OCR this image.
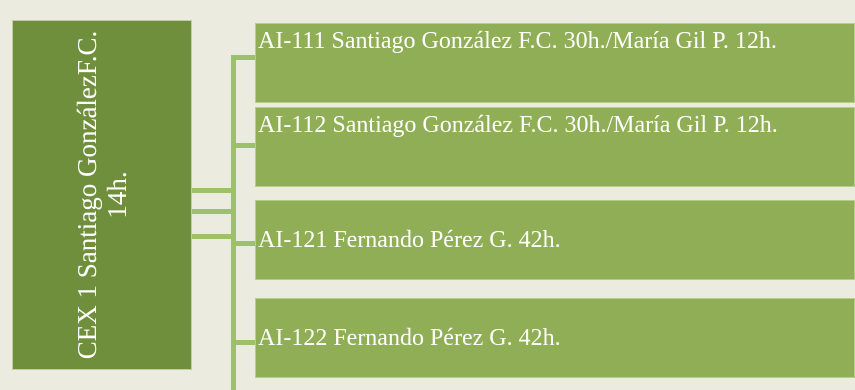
CEX 1 Santiago GonzálezF.C. 14h.
AI-111 Santiago González F.C. 30h./María Gil P. 12h.
AI-112 Santiago González F.C. 30h./María Gil P. 12h.
AI-121 Fernando Pérez G. 42h.
AI-122 Fernando Pérez G. 42h.
